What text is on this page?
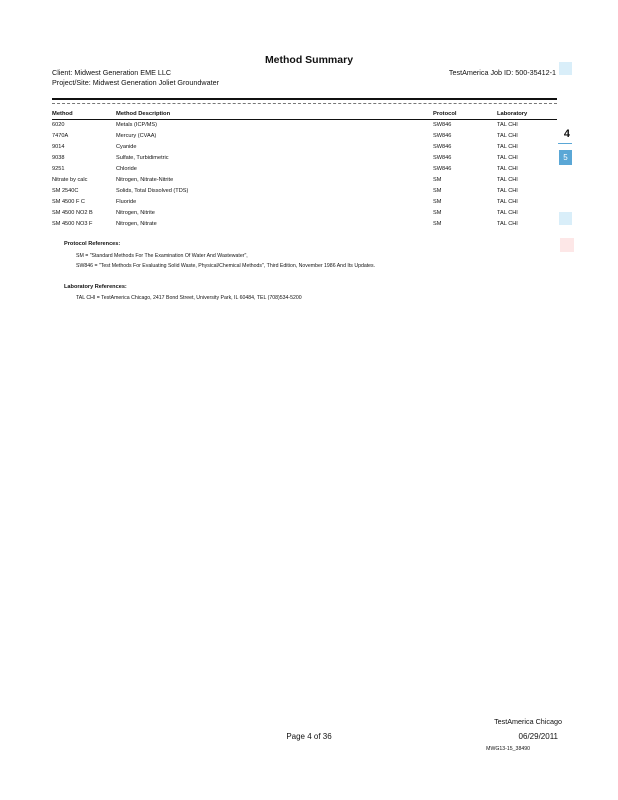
Method Summary
Client: Midwest Generation EME LLC
Project/Site: Midwest Generation Joliet Groundwater
TestAmerica Job ID: 500-35412-1
Method	Method Description	Protocol	Laboratory
6020	Metals (ICP/MS)	SW846	TAL CHI
7470A	Mercury (CVAA)	SW846	TAL CHI
9014	Cyanide	SW846	TAL CHI
9038	Sulfate, Turbidimetric	SW846	TAL CHI
9251	Chloride	SW846	TAL CHI
Nitrate by calc	Nitrogen, Nitrate-Nitrite	SM	TAL CHI
SM 2540C	Solids, Total Dissolved (TDS)	SM	TAL CHI
SM 4500 F C	Fluoride	SM	TAL CHI
SM 4500 NO2 B	Nitrogen, Nitrite	SM	TAL CHI
SM 4500 NO3 F	Nitrogen, Nitrate	SM	TAL CHI
Protocol References:
SM = "Standard Methods For The Examination Of Water And Wastewater",
SW846 = "Test Methods For Evaluating Solid Waste, Physical/Chemical Methods", Third Edition, November 1986 And Its Updates.
Laboratory References:
TAL CHI = TestAmerica Chicago, 2417 Bond Street, University Park, IL 60484, TEL (708)534-5200
4
5
TestAmerica Chicago
Page 4 of 36	06/29/2011
MWG13-15_38490
